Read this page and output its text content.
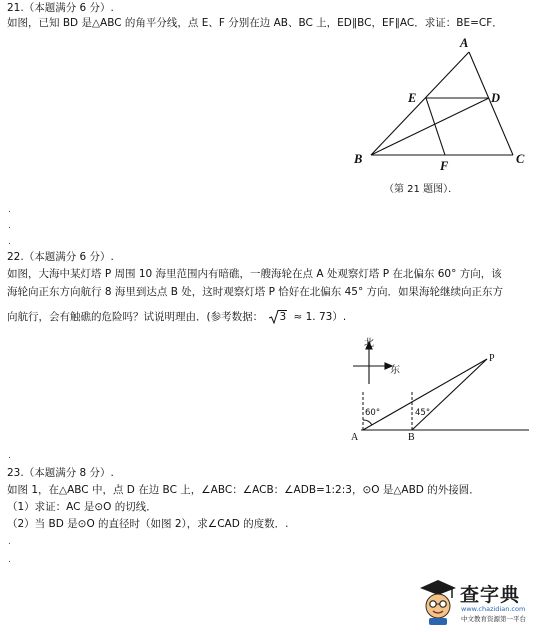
21.（本题满分 6 分）.
如图，已知 BD 是△ABC 的角平分线，点 E、F 分别在边 AB、BC 上，ED∥BC，EF∥AC．求证：BE=CF．
A
B	C
D
E
F
（第 21 题图）．
.
.
.
22.（本题满分 6 分）.
如图，大海中某灯塔 P 周围 10 海里范围内有暗礁，一艘海轮在点 A 处观察灯塔 P 在北偏东 60° 方向，该
海轮向正东方向航行 8 海里到达点 B 处，这时观察灯塔 P 恰好在北偏东 45° 方向．如果海轮继续向正东方
向航行，会有触礁的危险吗？试说明理由．(参考数据： 3 ≈ 1. 73）.
北
东
60°	45°
P
A	B
.
23.（本题满分 8 分）.
如图 1，在△ABC 中，点 D 在边 BC 上，∠ABC：∠ACB：∠ADB=1:2:3，⊙O 是△ABD 的外接圆．
（1）求证：AC 是⊙O 的切线．
（2）当 BD 是⊙O 的直径时（如图 2），求∠CAD 的度数．.
.
.
查字典
www.chazidian.com
中文教育资源第一平台
